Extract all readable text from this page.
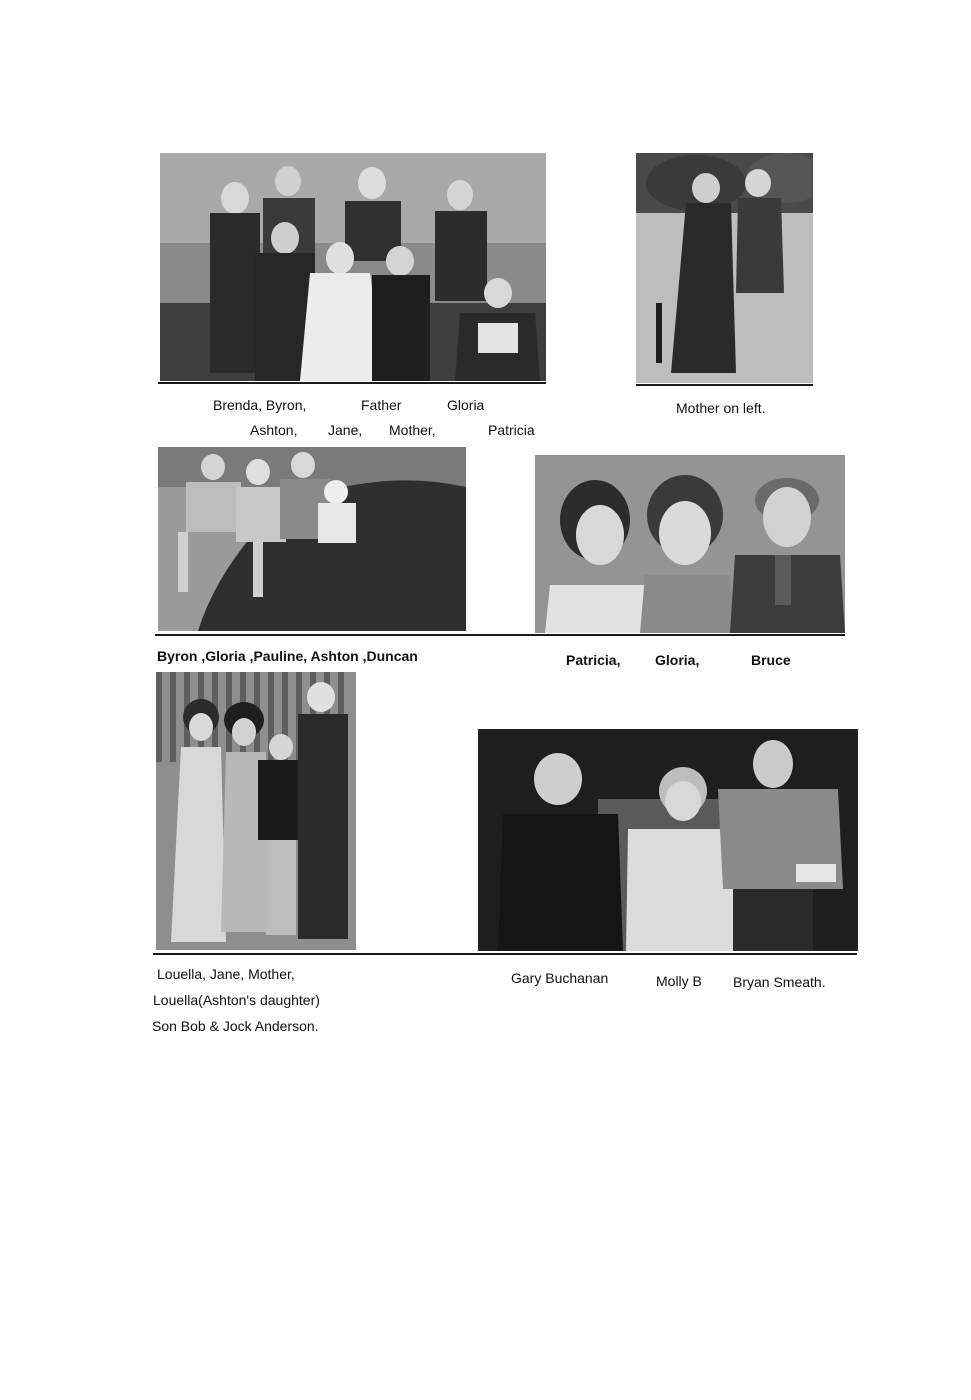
Brenda, Byron,	Father	Gloria
Ashton, Jane, Mother,	Patricia
Mother on left.
Byron ,Gloria ,Pauline, Ashton ,Duncan	Patricia, Gloria,	Bruce
Louella, Jane, Mother,
Louella(Ashton's daughter)
Son Bob & Jock Anderson.
Gary Buchanan	Molly B Bryan Smeath.
